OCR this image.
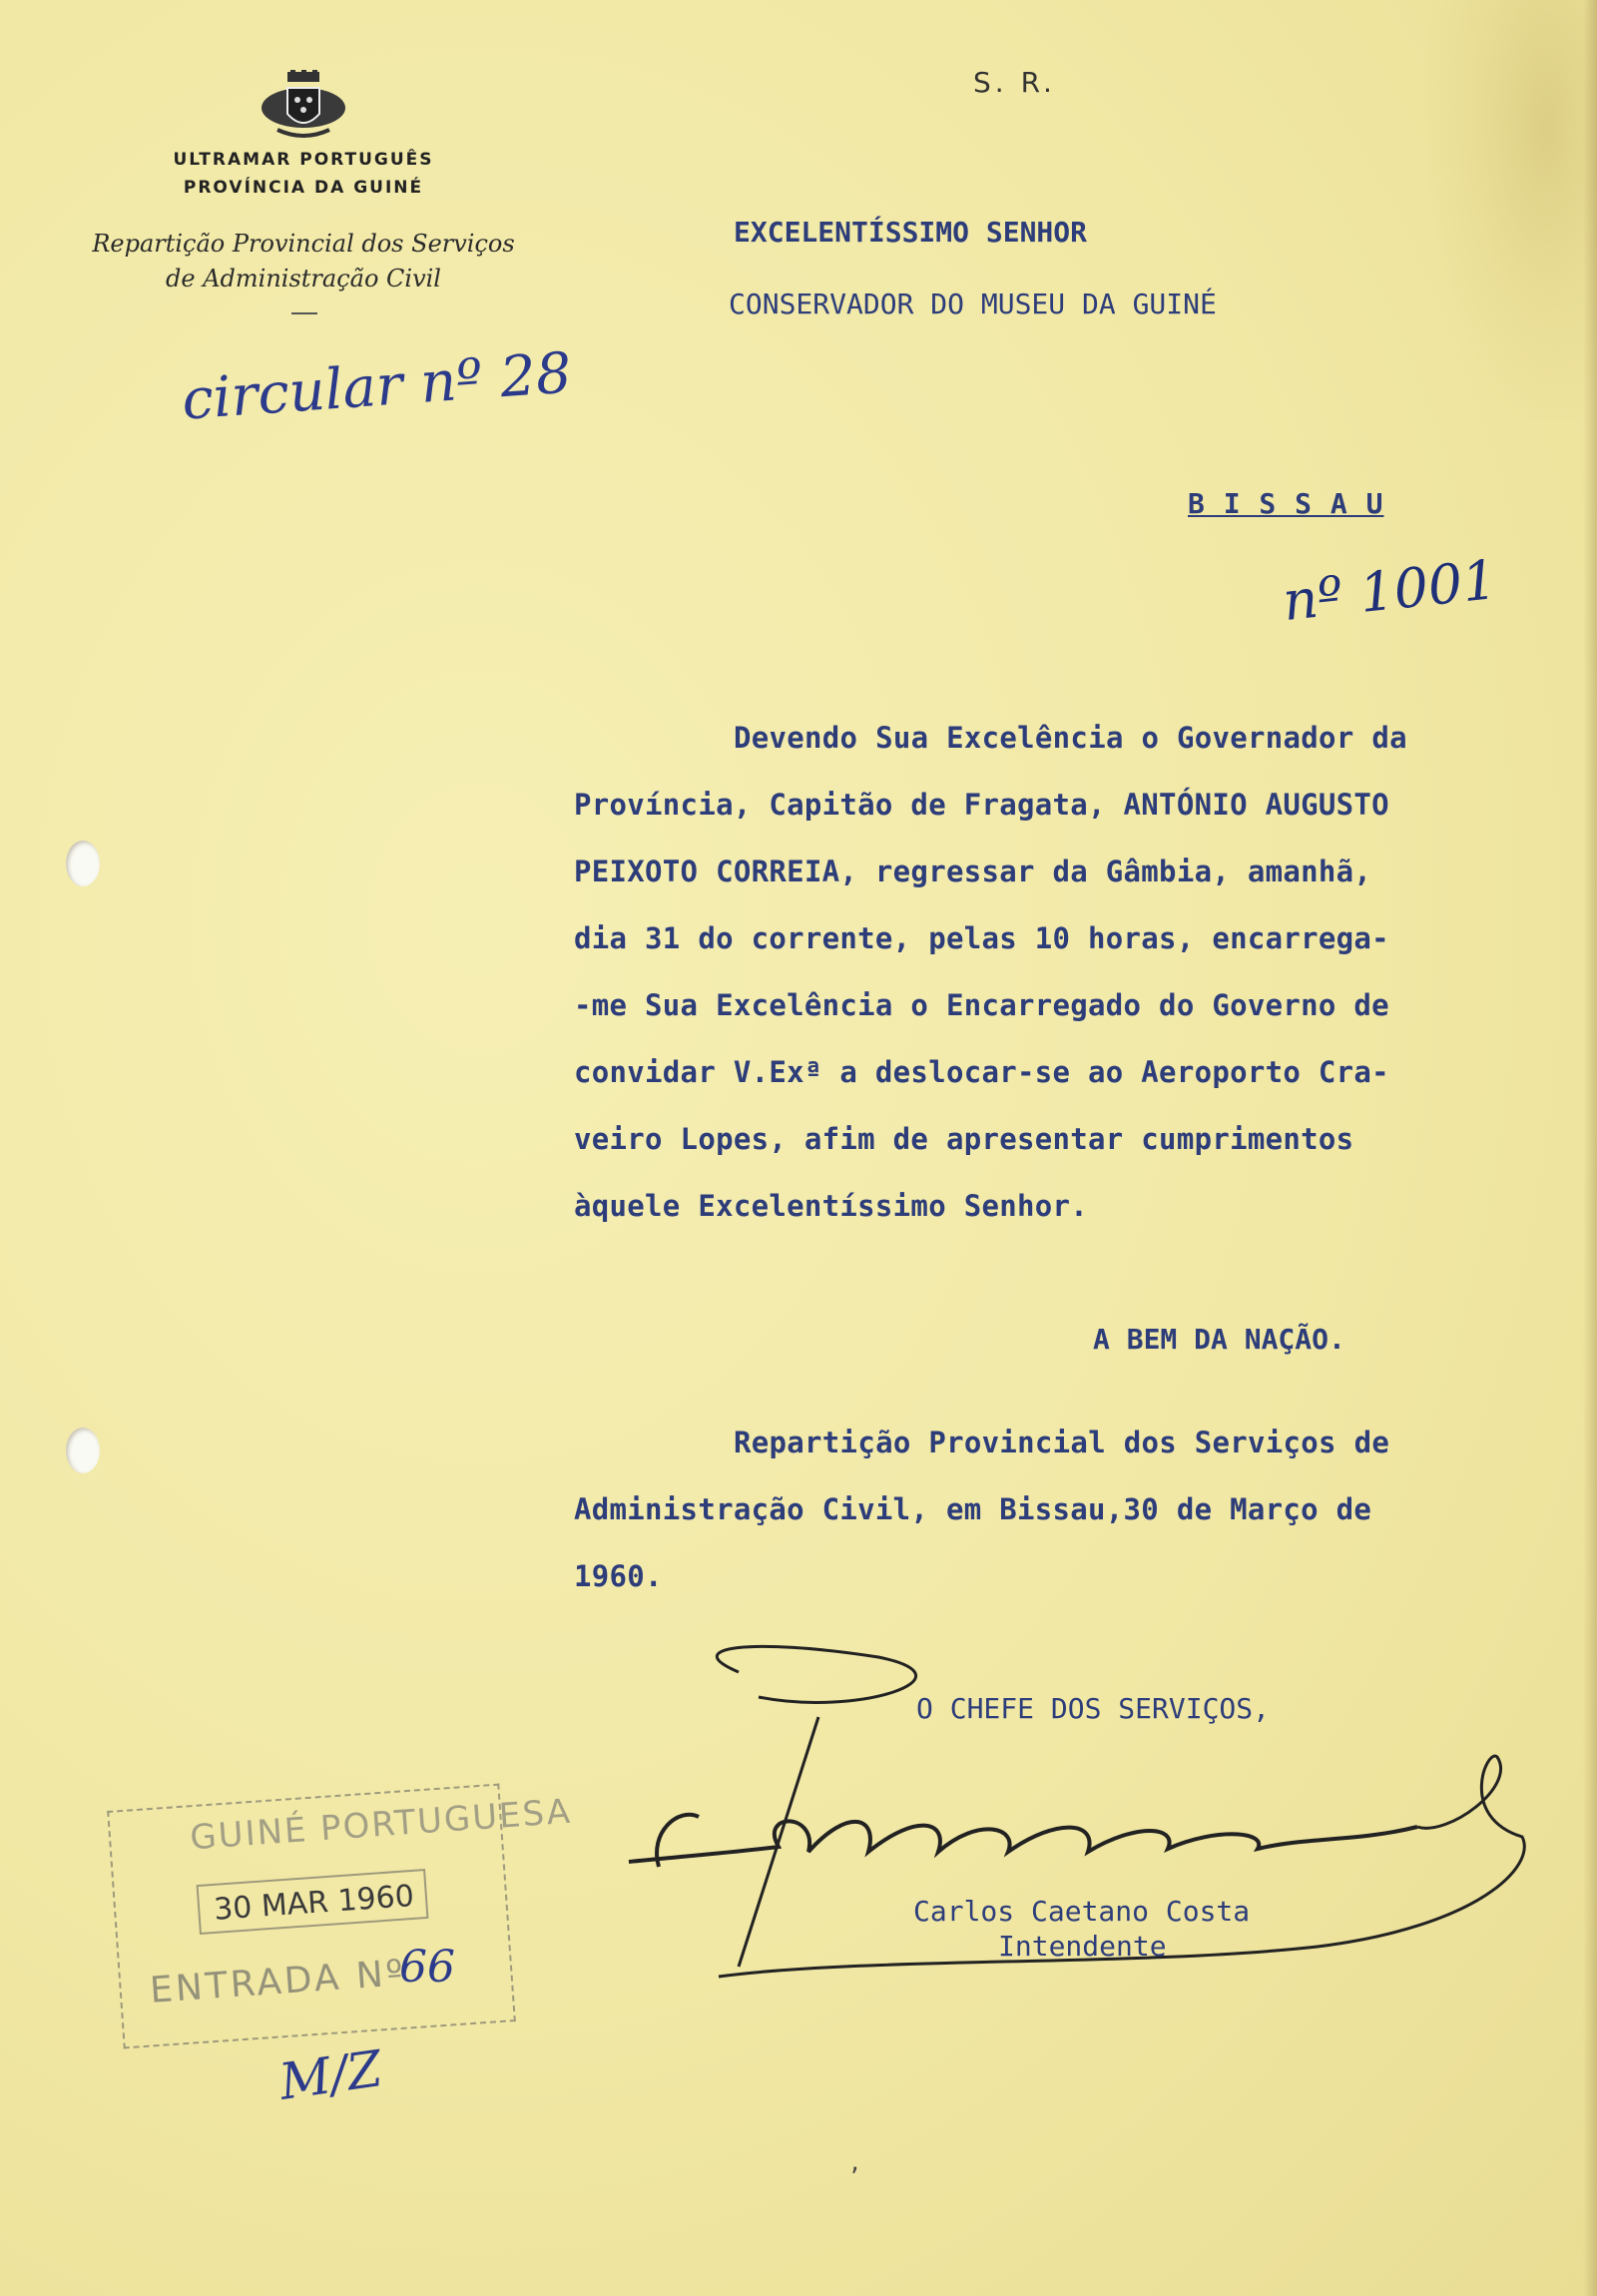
ULTRAMAR PORTUGUÊS
PROVÍNCIA DA GUINÉ
Repartição Provincial dos Serviços
de Administração Civil
circular nº 28
S. R.
EXCELENTÍSSIMO SENHOR
CONSERVADOR DO MUSEU DA GUINÉ
B I S S A U
nº 1001
Devendo Sua Excelência o Governador da
Província, Capitão de Fragata, ANTÓNIO AUGUSTO
PEIXOTO CORREIA, regressar da Gâmbia, amanhã,
dia 31 do corrente, pelas 10 horas, encarrega-
-me Sua Excelência o Encarregado do Governo de
convidar V.Exª a deslocar-se ao Aeroporto Cra-
veiro Lopes, afim de apresentar cumprimentos
àquele Excelentíssimo Senhor.
A BEM DA NAÇÃO.
Repartição Provincial dos Serviços de
Administração Civil, em Bissau,30 de Março de
1960.
O CHEFE DOS SERVIÇOS,
Carlos Caetano Costa
Intendente
GUINÉ PORTUGUESA
30 MAR 1960
ENTRADA Nº
66
M/Z
‚
